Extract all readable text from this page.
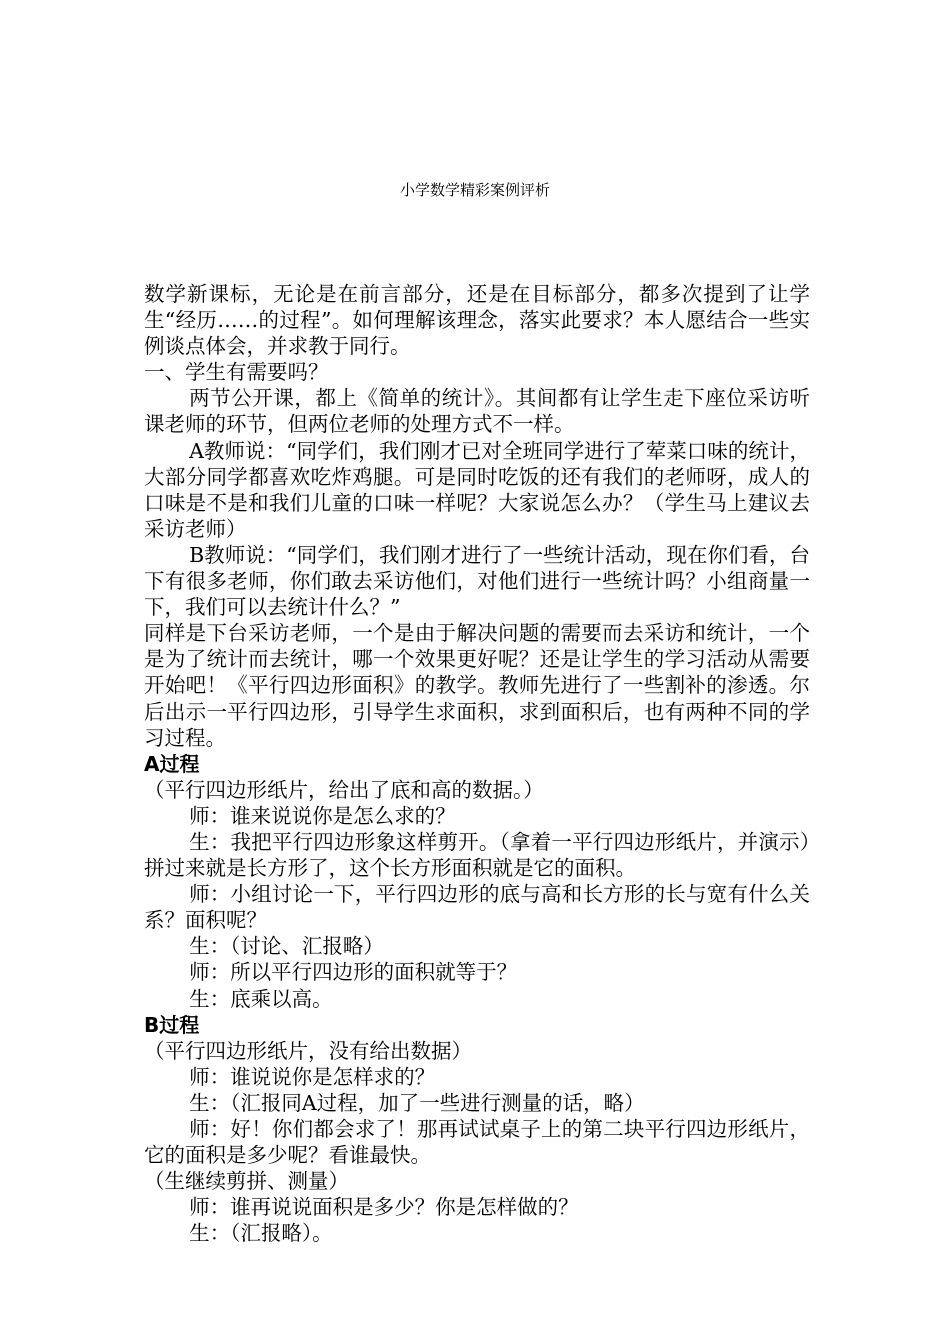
小学数学精彩案例评析

数学新课标，无论是在前言部分，还是在目标部分，都多次提到了让学生“经历……的过程”。如何理解该理念，落实此要求？本人愿结合一些实例谈点体会，并求教于同行。

一、学生有需要吗？

两节公开课，都上《简单的统计》。其间都有让学生走下座位采访听课老师的环节，但两位老师的处理方式不一样。

A教师说：“同学们，我们刚才已对全班同学进行了荤菜口味的统计，大部分同学都喜欢吃炸鸡腿。可是同时吃饭的还有我们的老师呀，成人的口味是不是和我们儿童的口味一样呢？大家说怎么办？（学生马上建议去采访老师）

B教师说：“同学们，我们刚才进行了一些统计活动，现在你们看，台下有很多老师，你们敢去采访他们，对他们进行一些统计吗？小组商量一下，我们可以去统计什么？”

同样是下台采访老师，一个是由于解决问题的需要而去采访和统计，一个是为了统计而去统计，哪一个效果更好呢？还是让学生的学习活动从需要开始吧！《平行四边形面积》的教学。教师先进行了一些割补的渗透。尔后出示一平行四边形，引导学生求面积，求到面积后，也有两种不同的学习过程。

A过程

（平行四边形纸片，给出了底和高的数据。）

师：谁来说说你是怎么求的？

生：我把平行四边形象这样剪开。（拿着一平行四边形纸片，并演示）拼过来就是长方形了，这个长方形面积就是它的面积。

师：小组讨论一下，平行四边形的底与高和长方形的长与宽有什么关系？面积呢？

生：（讨论、汇报略）

师：所以平行四边形的面积就等于？

生：底乘以高。

B过程

（平行四边形纸片，没有给出数据）

师：谁说说你是怎样求的？

生：（汇报同A过程，加了一些进行测量的话，略）

师：好！你们都会求了！那再试试桌子上的第二块平行四边形纸片，它的面积是多少呢？看谁最快。

（生继续剪拼、测量）

师：谁再说说面积是多少？你是怎样做的？

生：（汇报略）。
